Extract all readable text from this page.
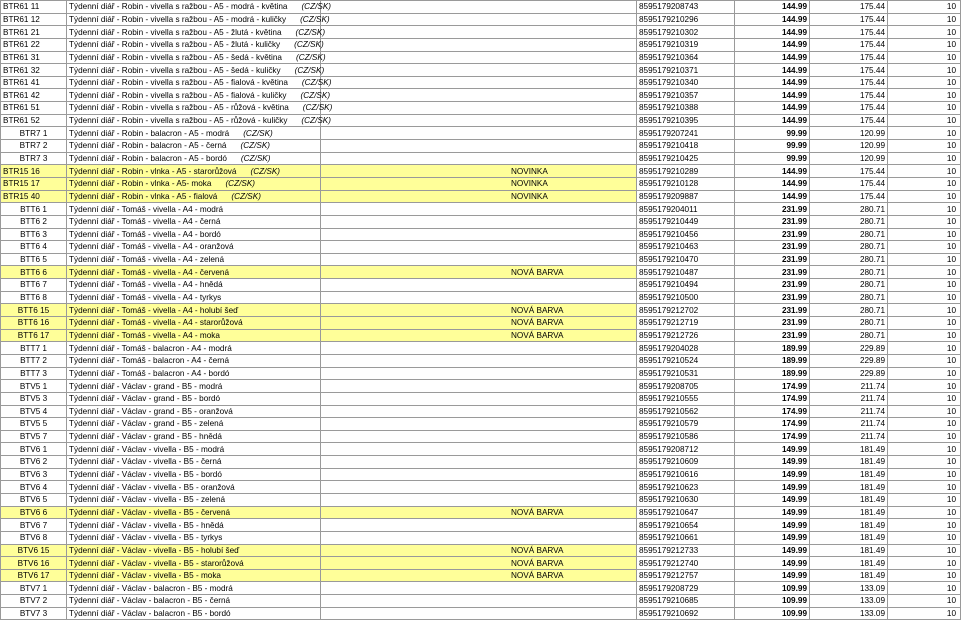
BTR61 11	Týdenní diář - Robin - vivella s ražbou - A5 - modrá - květina (CZ/SK)		8595179208743	144.99	175.44	10
BTR61 12	Týdenní diář - Robin - vivella s ražbou - A5 - modrá - kuličky (CZ/SK)		8595179210296	144.99	175.44	10
BTR61 21	Týdenní diář - Robin - vivella s ražbou - A5 - žlutá - květina (CZ/SK)		8595179210302	144.99	175.44	10
BTR61 22	Týdenní diář - Robin - vivella s ražbou - A5 - žlutá - kuličky (CZ/SK)		8595179210319	144.99	175.44	10
BTR61 31	Týdenní diář - Robin - vivella s ražbou - A5 - šedá - květina (CZ/SK)		8595179210364	144.99	175.44	10
BTR61 32	Týdenní diář - Robin - vivella s ražbou - A5 - šedá - kuličky (CZ/SK)		8595179210371	144.99	175.44	10
BTR61 41	Týdenní diář - Robin - vivella s ražbou - A5 - fialová - květina (CZ/SK)		8595179210340	144.99	175.44	10
BTR61 42	Týdenní diář - Robin - vivella s ražbou - A5 - fialová - kuličky (CZ/SK)		8595179210357	144.99	175.44	10
BTR61 51	Týdenní diář - Robin - vivella s ražbou - A5 - růžová - květina (CZ/SK)		8595179210388	144.99	175.44	10
BTR61 52	Týdenní diář - Robin - vivella s ražbou - A5 - růžová - kuličky (CZ/SK)		8595179210395	144.99	175.44	10
BTR7 1	Týdenní diář - Robin - balacron - A5 - modrá (CZ/SK)		8595179207241	99.99	120.99	10
BTR7 2	Týdenní diář - Robin - balacron - A5 - černá (CZ/SK)		8595179210418	99.99	120.99	10
BTR7 3	Týdenní diář - Robin - balacron - A5 - bordó (CZ/SK)		8595179210425	99.99	120.99	10
BTR15 16	Týdenní diář - Robin - vlnka - A5 - starorůžová (CZ/SK)	NOVINKA	8595179210289	144.99	175.44	10
BTR15 17	Týdenní diář - Robin - vlnka - A5- moka (CZ/SK)	NOVINKA	8595179210128	144.99	175.44	10
BTR15 40	Týdenní diář - Robin - vlnka - A5 - fialová (CZ/SK)	NOVINKA	8595179209887	144.99	175.44	10
BTT6 1	Týdenní diář - Tomáš - vivella - A4 - modrá		8595179204011	231.99	280.71	10
BTT6 2	Týdenní diář - Tomáš - vivella - A4 - černá		8595179210449	231.99	280.71	10
BTT6 3	Týdenní diář - Tomáš - vivella - A4 - bordó		8595179210456	231.99	280.71	10
BTT6 4	Týdenní diář - Tomáš - vivella - A4 - oranžová		8595179210463	231.99	280.71	10
BTT6 5	Týdenní diář - Tomáš - vivella - A4 - zelená		8595179210470	231.99	280.71	10
BTT6 6	Týdenní diář - Tomáš - vivella - A4 - červená	NOVÁ BARVA	8595179210487	231.99	280.71	10
BTT6 7	Týdenní diář - Tomáš - vivella - A4 - hnědá		8595179210494	231.99	280.71	10
BTT6 8	Týdenní diář - Tomáš - vivella - A4 - tyrkys		8595179210500	231.99	280.71	10
BTT6 15	Týdenní diář - Tomáš - vivella - A4 - holubí šeď	NOVÁ BARVA	8595179212702	231.99	280.71	10
BTT6 16	Týdenní diář - Tomáš - vivella - A4 - starorůžová	NOVÁ BARVA	8595179212719	231.99	280.71	10
BTT6 17	Týdenní diář - Tomáš - vivella - A4 - moka	NOVÁ BARVA	8595179212726	231.99	280.71	10
BTT7 1	Týdenní diář - Tomáš - balacron - A4 - modrá		8595179204028	189.99	229.89	10
BTT7 2	Týdenní diář - Tomáš - balacron - A4 - černá		8595179210524	189.99	229.89	10
BTT7 3	Týdenní diář - Tomáš - balacron - A4 - bordó		8595179210531	189.99	229.89	10
BTV5 1	Týdenní diář - Václav - grand - B5 - modrá		8595179208705	174.99	211.74	10
BTV5 3	Týdenní diář - Václav - grand - B5 - bordó		8595179210555	174.99	211.74	10
BTV5 4	Týdenní diář - Václav - grand - B5 - oranžová		8595179210562	174.99	211.74	10
BTV5 5	Týdenní diář - Václav - grand - B5 - zelená		8595179210579	174.99	211.74	10
BTV5 7	Týdenní diář - Václav - grand - B5 - hnědá		8595179210586	174.99	211.74	10
BTV6 1	Týdenní diář - Václav - vivella - B5 - modrá		8595179208712	149.99	181.49	10
BTV6 2	Týdenní diář - Václav - vivella - B5 - černá		8595179210609	149.99	181.49	10
BTV6 3	Týdenní diář - Václav - vivella - B5 - bordó		8595179210616	149.99	181.49	10
BTV6 4	Týdenní diář - Václav - vivella - B5 - oranžová		8595179210623	149.99	181.49	10
BTV6 5	Týdenní diář - Václav - vivella - B5 - zelená		8595179210630	149.99	181.49	10
BTV6 6	Týdenní diář - Václav - vivella - B5 - červená	NOVÁ BARVA	8595179210647	149.99	181.49	10
BTV6 7	Týdenní diář - Václav - vivella - B5 - hnědá		8595179210654	149.99	181.49	10
BTV6 8	Týdenní diář - Václav - vivella - B5 - tyrkys		8595179210661	149.99	181.49	10
BTV6 15	Týdenní diář - Václav - vivella - B5 - holubí šeď	NOVÁ BARVA	8595179212733	149.99	181.49	10
BTV6 16	Týdenní diář - Václav - vivella - B5 - starorůžová	NOVÁ BARVA	8595179212740	149.99	181.49	10
BTV6 17	Týdenní diář - Václav - vivella - B5 - moka	NOVÁ BARVA	8595179212757	149.99	181.49	10
BTV7 1	Týdenní diář - Václav - balacron - B5 - modrá		8595179208729	109.99	133.09	10
BTV7 2	Týdenní diář - Václav - balacron - B5 - černá		8595179210685	109.99	133.09	10
BTV7 3	Týdenní diář - Václav - balacron - B5 - bordó		8595179210692	109.99	133.09	10
